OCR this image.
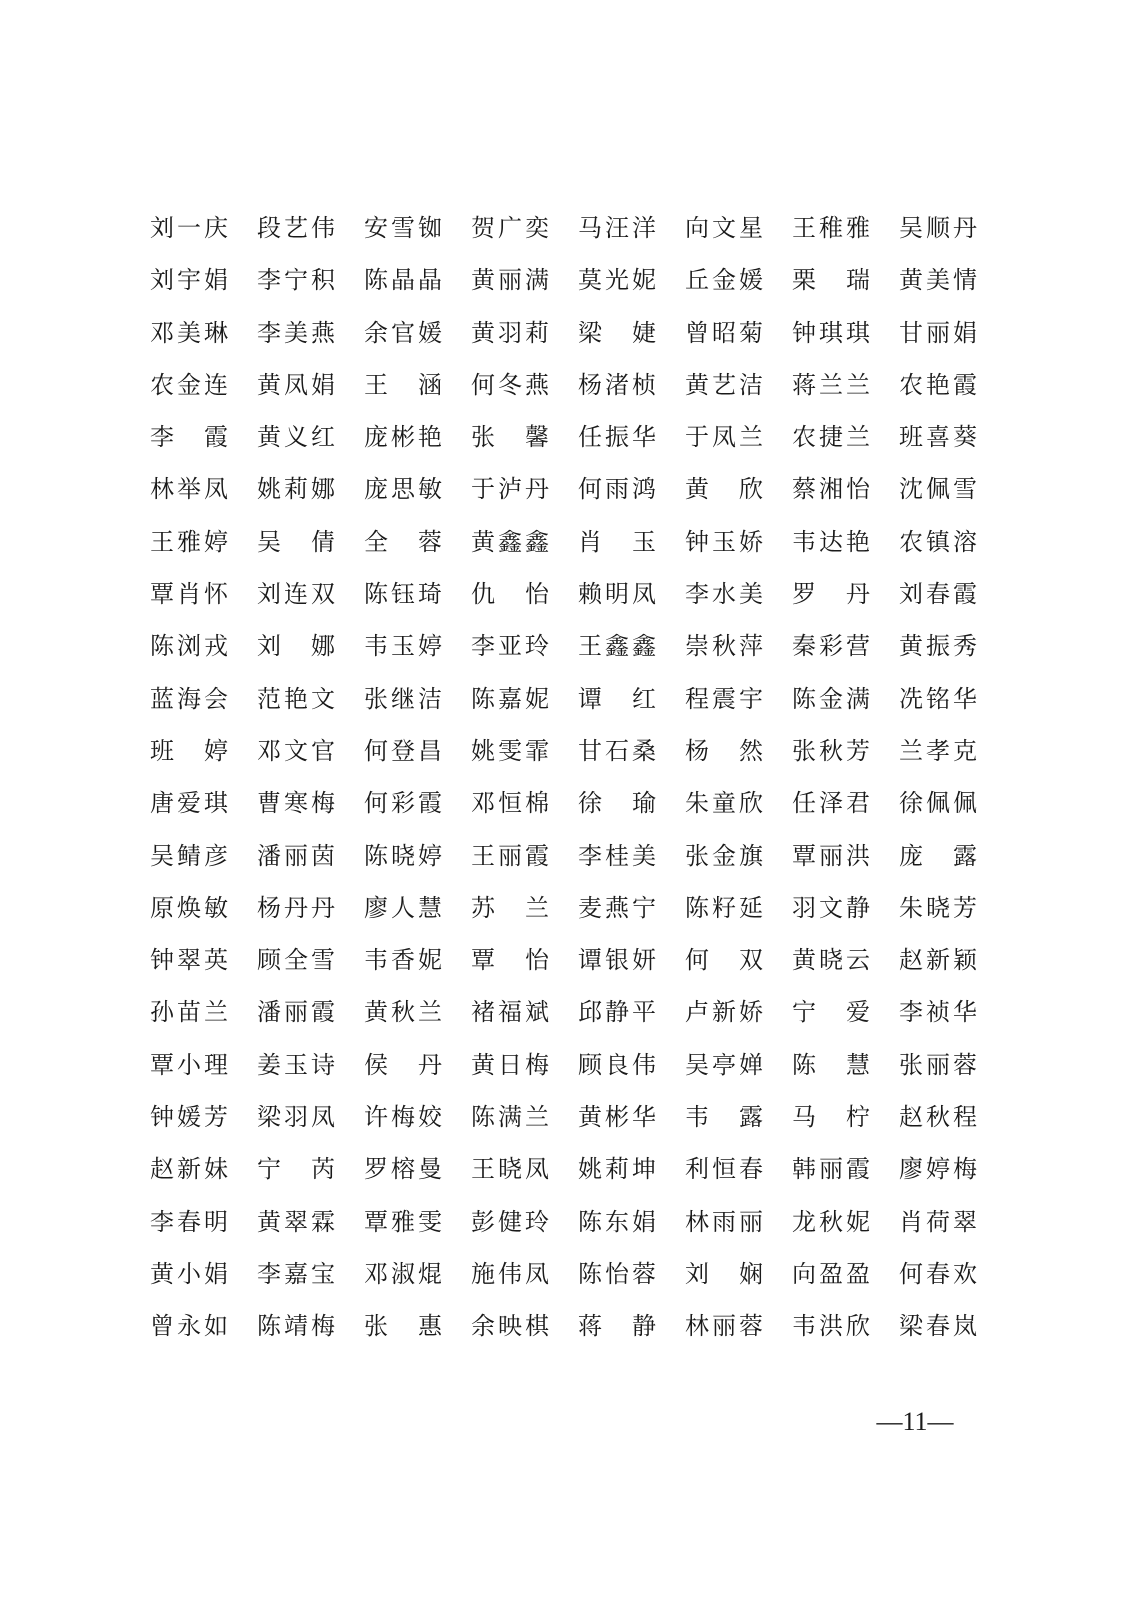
刘 一 庆 段 艺 伟 安 雪 铷 贺 广 奕 马 汪 洋 向 文 星 王 稚 雅 吴 顺 丹
刘 宇 娟 李 宁 积 陈 晶 晶 黄 丽 满 莫 光 妮 丘 金 媛 栗 瑞 黄 美 情
邓 美 琳 李 美 燕 余 官 媛 黄 羽 莉 梁 婕 曾 昭 菊 钟 琪 琪 甘 丽 娟
农 金 连 黄 凤 娟 王 涵 何 冬 燕 杨 渚 桢 黄 艺 洁 蒋 兰 兰 农 艳 霞
李 霞 黄 义 红 庞 彬 艳 张 馨 任 振 华 于 凤 兰 农 捷 兰 班 喜 葵
林 举 凤 姚 莉 娜 庞 思 敏 于 泸 丹 何 雨 鸿 黄 欣 蔡 湘 怡 沈 佩 雪
王 雅 婷 吴 倩 全 蓉 黄 鑫 鑫 肖 玉 钟 玉 娇 韦 达 艳 农 镇 溶
覃 肖 怀 刘 连 双 陈 钰 琦 仇 怡 赖 明 凤 李 水 美 罗 丹 刘 春 霞
陈 浏 戎 刘 娜 韦 玉 婷 李 亚 玲 王 鑫 鑫 崇 秋 萍 秦 彩 营 黄 振 秀
蓝 海 会 范 艳 文 张 继 洁 陈 嘉 妮 谭 红 程 震 宇 陈 金 满 冼 铭 华
班 婷 邓 文 官 何 登 昌 姚 雯 霏 甘 石 桑 杨 然 张 秋 芳 兰 孝 克
唐 爱 琪 曹 寒 梅 何 彩 霞 邓 恒 棉 徐 瑜 朱 童 欣 任 泽 君 徐 佩 佩
吴 鲭 彦 潘 丽 茵 陈 晓 婷 王 丽 霞 李 桂 美 张 金 旗 覃 丽 洪 庞 露
原 焕 敏 杨 丹 丹 廖 人 慧 苏 兰 麦 燕 宁 陈 籽 延 羽 文 静 朱 晓 芳
钟 翠 英 顾 全 雪 韦 香 妮 覃 怡 谭 银 妍 何 双 黄 晓 云 赵 新 颖
孙 苗 兰 潘 丽 霞 黄 秋 兰 褚 福 斌 邱 静 平 卢 新 娇 宁 爱 李 祯 华
覃 小 理 姜 玉 诗 侯 丹 黄 日 梅 顾 良 伟 吴 亭 婵 陈 慧 张 丽 蓉
钟 媛 芳 梁 羽 凤 许 梅 姣 陈 满 兰 黄 彬 华 韦 露 马 柠 赵 秋 程
赵 新 妹 宁 芮 罗 榕 曼 王 晓 凤 姚 莉 坤 利 恒 春 韩 丽 霞 廖 婷 梅
李 春 明 黄 翠 霖 覃 雅 雯 彭 健 玲 陈 东 娟 林 雨 丽 龙 秋 妮 肖 荷 翠
黄 小 娟 李 嘉 宝 邓 淑 焜 施 伟 凤 陈 怡 蓉 刘 娴 向 盈 盈 何 春 欢
曾 永 如 陈 靖 梅 张 惠 余 映 棋 蒋 静 林 丽 蓉 韦 洪 欣 梁 春 岚
—11—
